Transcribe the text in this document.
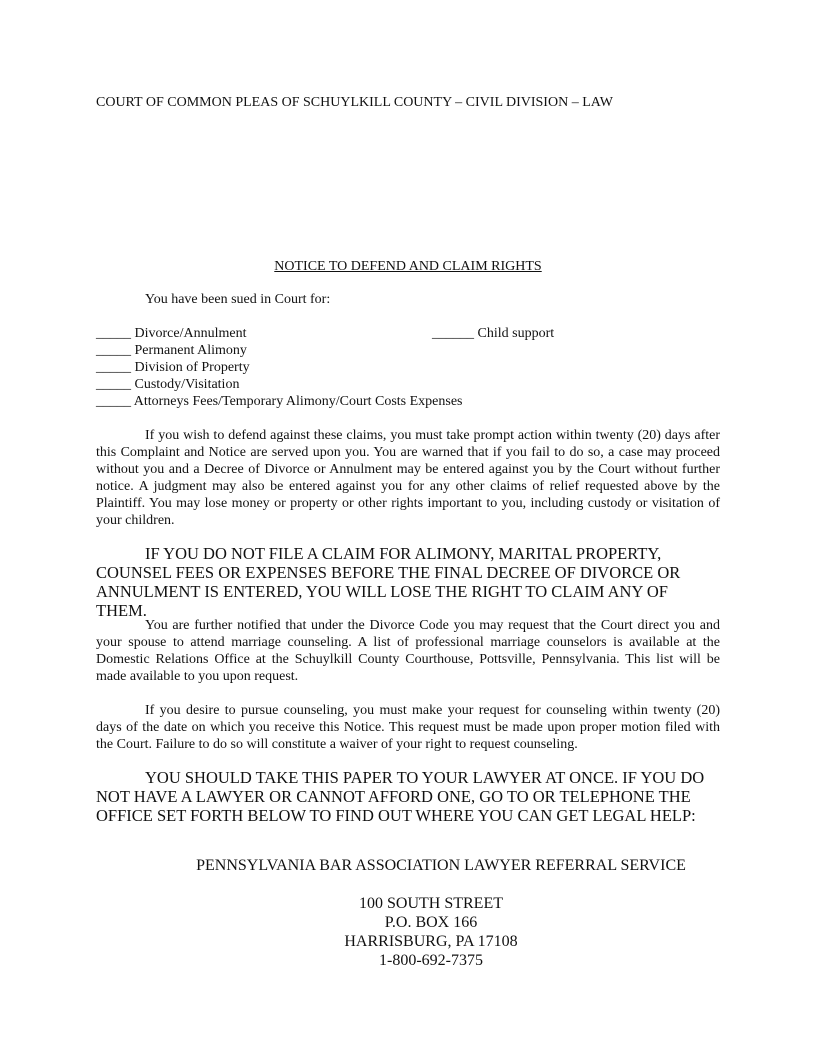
COURT OF COMMON PLEAS OF SCHUYLKILL COUNTY – CIVIL DIVISION – LAW
NOTICE TO DEFEND AND CLAIM RIGHTS
You have been sued in Court for:
_____ Divorce/Annulment
_____ Permanent Alimony
_____ Division of Property
_____ Custody/Visitation
_____ Attorneys Fees/Temporary Alimony/Court Costs Expenses
______ Child support

If you wish to defend against these claims, you must take prompt action within twenty (20) days after this Complaint and Notice are served upon you. You are warned that if you fail to do so, a case may proceed without you and a Decree of Divorce or Annulment may be entered against you by the Court without further notice. A judgment may also be entered against you for any other claims of relief requested above by the Plaintiff. You may lose money or property or other rights important to you, including custody or visitation of your children.

IF YOU DO NOT FILE A CLAIM FOR ALIMONY, MARITAL PROPERTY, COUNSEL FEES OR EXPENSES BEFORE THE FINAL DECREE OF DIVORCE OR ANNULMENT IS ENTERED, YOU WILL LOSE THE RIGHT TO CLAIM ANY OF THEM.

You are further notified that under the Divorce Code you may request that the Court direct you and your spouse to attend marriage counseling. A list of professional marriage counselors is available at the Domestic Relations Office at the Schuylkill County Courthouse, Pottsville, Pennsylvania. This list will be made available to you upon request.

If you desire to pursue counseling, you must make your request for counseling within twenty (20) days of the date on which you receive this Notice. This request must be made upon proper motion filed with the Court. Failure to do so will constitute a waiver of your right to request counseling.

YOU SHOULD TAKE THIS PAPER TO YOUR LAWYER AT ONCE. IF YOU DO NOT HAVE A LAWYER OR CANNOT AFFORD ONE, GO TO OR TELEPHONE THE OFFICE SET FORTH BELOW TO FIND OUT WHERE YOU CAN GET LEGAL HELP:

PENNSYLVANIA BAR ASSOCIATION LAWYER REFERRAL SERVICE
100 SOUTH STREET
P.O. BOX 166
HARRISBURG, PA 17108
1-800-692-7375
